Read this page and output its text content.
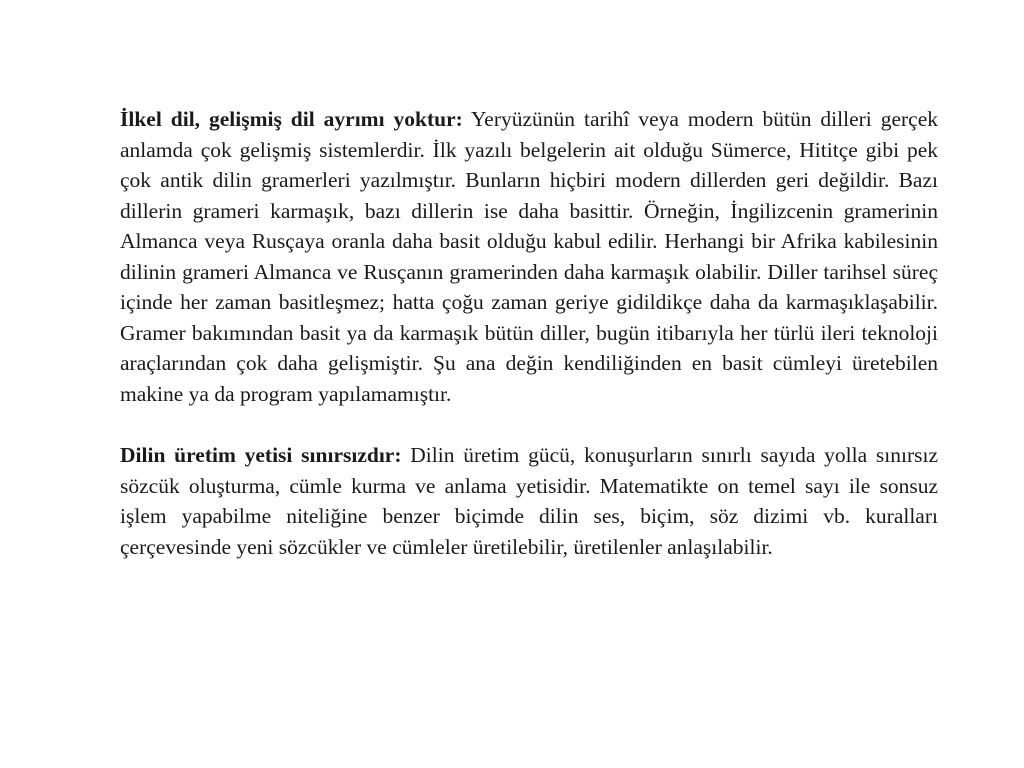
İlkel dil, gelişmiş dil ayrımı yoktur: Yeryüzünün tarihî veya modern bütün dilleri gerçek anlamda çok gelişmiş sistemlerdir. İlk yazılı belgelerin ait olduğu Sümerce, Hititçe gibi pek çok antik dilin gramerleri yazılmıştır. Bunların hiçbiri modern dillerden geri değildir. Bazı dillerin grameri karmaşık, bazı dillerin ise daha basittir. Örneğin, İngilizcenin gramerinin Almanca veya Rusçaya oranla daha basit olduğu kabul edilir. Herhangi bir Afrika kabilesinin dilinin grameri Almanca ve Rusçanın gramerinden daha karmaşık olabilir. Diller tarihsel süreç içinde her zaman basitleşmez; hatta çoğu zaman geriye gidildikçe daha da karmaşıklaşabilir. Gramer bakımından basit ya da karmaşık bütün diller, bugün itibarıyla her türlü ileri teknoloji araçlarından çok daha gelişmiştir. Şu ana değin kendiliğinden en basit cümleyi üretebilen makine ya da program yapılamamıştır.

Dilin üretim yetisi sınırsızdır: Dilin üretim gücü, konuşurların sınırlı sayıda yolla sınırsız sözcük oluşturma, cümle kurma ve anlama yetisidir. Matematikte on temel sayı ile sonsuz işlem yapabilme niteliğine benzer biçimde dilin ses, biçim, söz dizimi vb. kuralları çerçevesinde yeni sözcükler ve cümleler üretilebilir, üretilenler anlaşılabilir.
